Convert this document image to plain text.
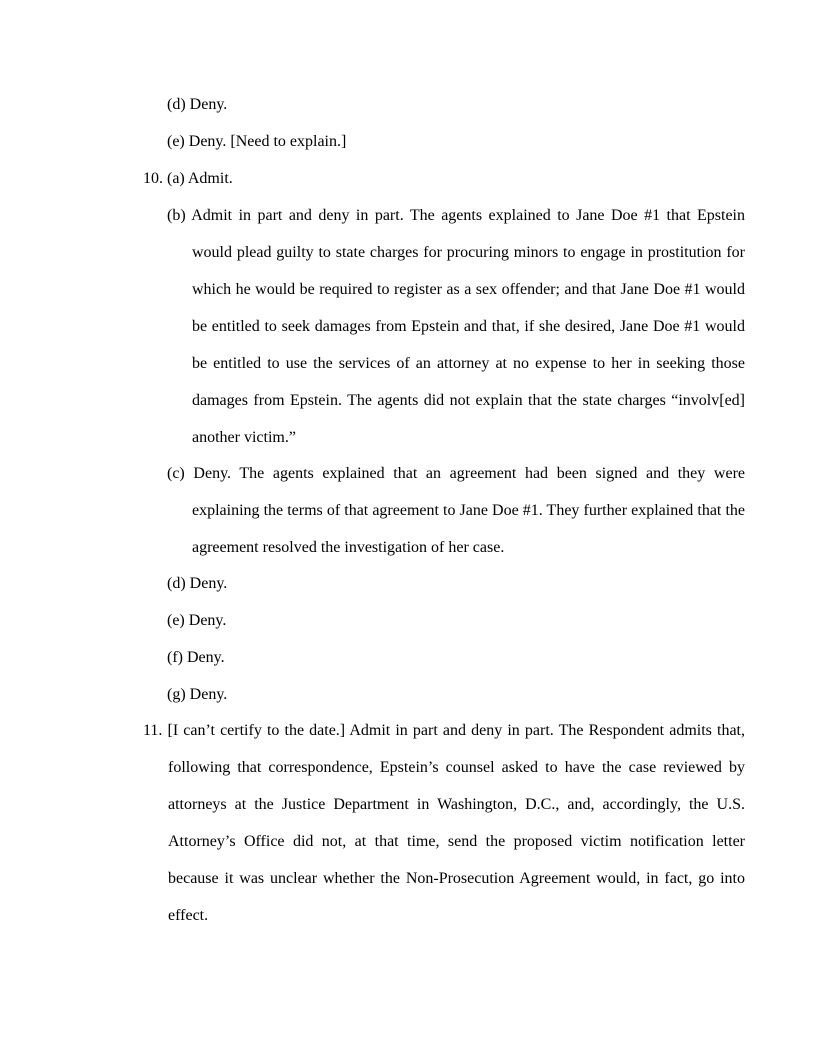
(d) Deny.
(e) Deny. [Need to explain.]
10. (a) Admit.
(b) Admit in part and deny in part. The agents explained to Jane Doe #1 that Epstein would plead guilty to state charges for procuring minors to engage in prostitution for which he would be required to register as a sex offender; and that Jane Doe #1 would be entitled to seek damages from Epstein and that, if she desired, Jane Doe #1 would be entitled to use the services of an attorney at no expense to her in seeking those damages from Epstein. The agents did not explain that the state charges “involv[ed] another victim.”
(c) Deny. The agents explained that an agreement had been signed and they were explaining the terms of that agreement to Jane Doe #1. They further explained that the agreement resolved the investigation of her case.
(d) Deny.
(e) Deny.
(f) Deny.
(g) Deny.
11. [I can’t certify to the date.] Admit in part and deny in part. The Respondent admits that, following that correspondence, Epstein’s counsel asked to have the case reviewed by attorneys at the Justice Department in Washington, D.C., and, accordingly, the U.S. Attorney’s Office did not, at that time, send the proposed victim notification letter because it was unclear whether the Non-Prosecution Agreement would, in fact, go into effect.
